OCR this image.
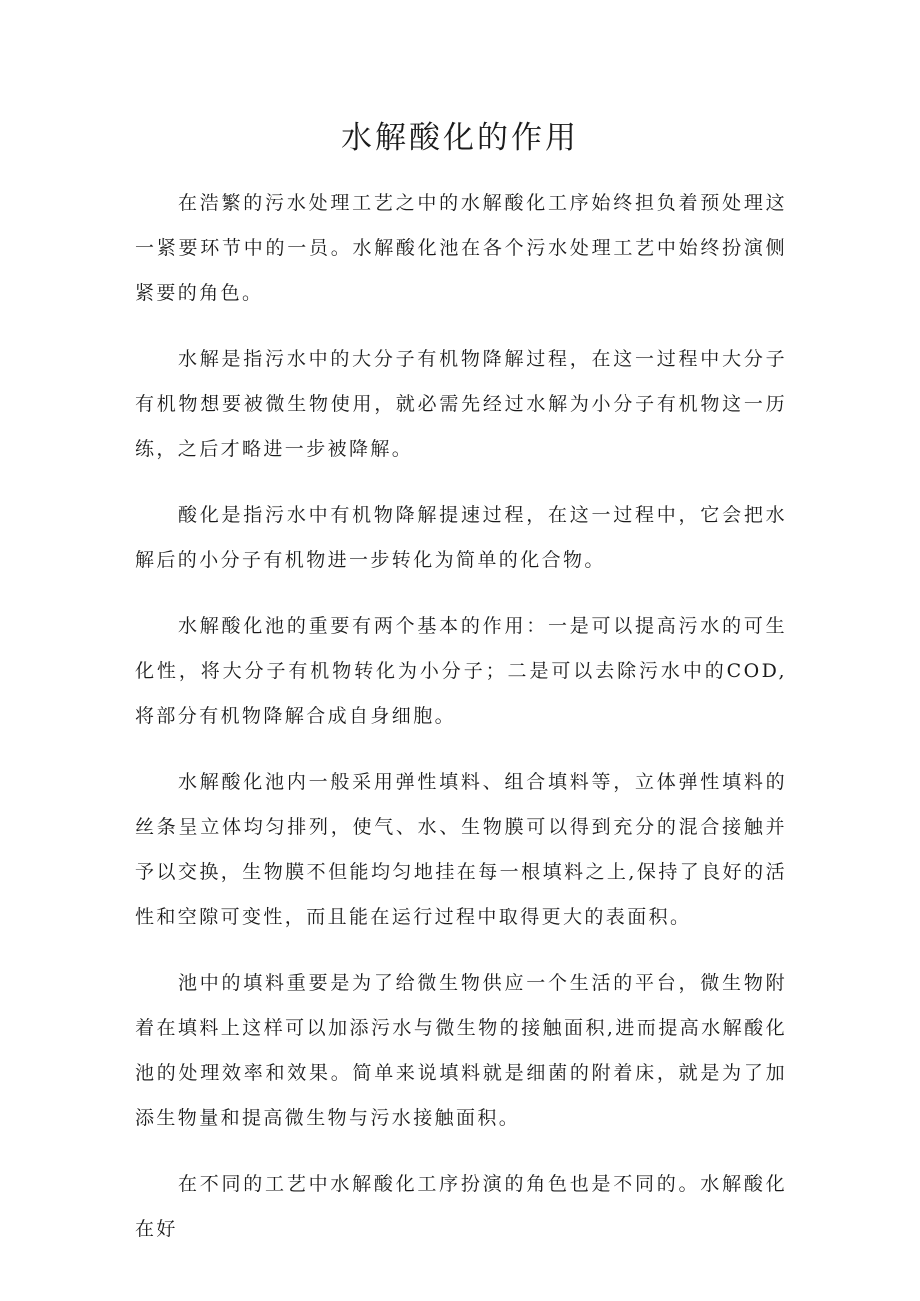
水解酸化的作用

在浩繁的污水处理工艺之中的水解酸化工序始终担负着预处理这一紧要环节中的一员。水解酸化池在各个污水处理工艺中始终扮演侧紧要的角色。

水解是指污水中的大分子有机物降解过程，在这一过程中大分子有机物想要被微生物使用，就必需先经过水解为小分子有机物这一历练，之后才略进一步被降解。

酸化是指污水中有机物降解提速过程，在这一过程中，它会把水解后的小分子有机物进一步转化为简单的化合物。

水解酸化池的重要有两个基本的作用：一是可以提高污水的可生化性，将大分子有机物转化为小分子；二是可以去除污水中的COD,将部分有机物降解合成自身细胞。

水解酸化池内一般采用弹性填料、组合填料等，立体弹性填料的丝条呈立体均匀排列，使气、水、生物膜可以得到充分的混合接触并予以交换，生物膜不但能均匀地挂在每一根填料之上,保持了良好的活性和空隙可变性，而且能在运行过程中取得更大的表面积。

池中的填料重要是为了给微生物供应一个生活的平台，微生物附着在填料上这样可以加添污水与微生物的接触面积,进而提高水解酸化池的处理效率和效果。简单来说填料就是细菌的附着床，就是为了加添生物量和提高微生物与污水接触面积。

在不同的工艺中水解酸化工序扮演的角色也是不同的。水解酸化在好
